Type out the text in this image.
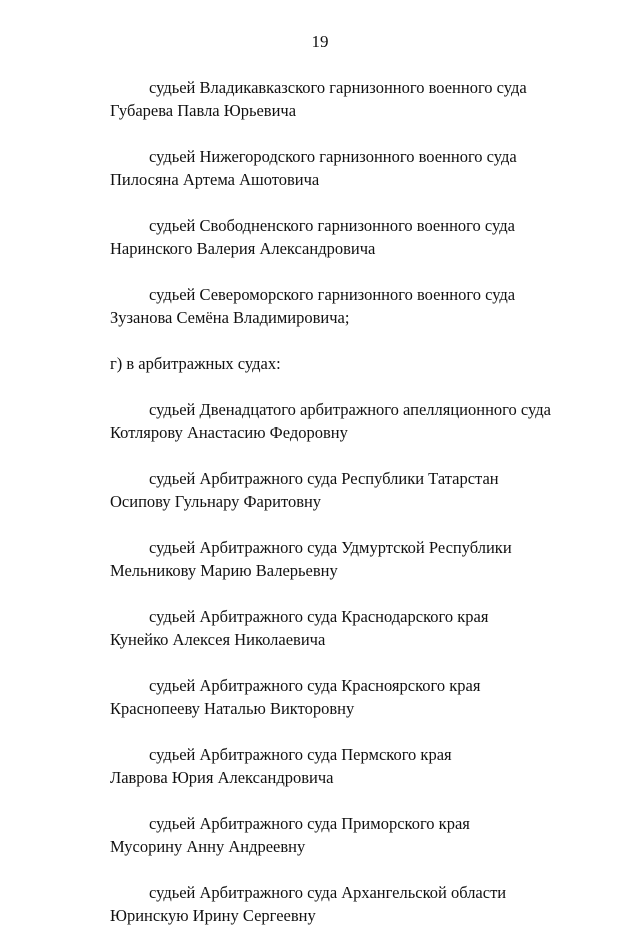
19
судьей Владикавказского гарнизонного военного суда
Губарева Павла Юрьевича
судьей Нижегородского гарнизонного военного суда
Пилосяна Артема Ашотовича
судьей Свободненского гарнизонного военного суда
Наринского Валерия Александровича
судьей Североморского гарнизонного военного суда
Зузанова Семёна Владимировича;
г) в арбитражных судах:
судьей Двенадцатого арбитражного апелляционного суда
Котлярову Анастасию Федоровну
судьей Арбитражного суда Республики Татарстан
Осипову Гульнару Фаритовну
судьей Арбитражного суда Удмуртской Республики
Мельникову Марию Валерьевну
судьей Арбитражного суда Краснодарского края
Кунейко Алексея Николаевича
судьей Арбитражного суда Красноярского края
Краснопееву Наталью Викторовну
судьей Арбитражного суда Пермского края
Лаврова Юрия Александровича
судьей Арбитражного суда Приморского края
Мусорину Анну Андреевну
судьей Арбитражного суда Архангельской области
Юринскую Ирину Сергеевну
